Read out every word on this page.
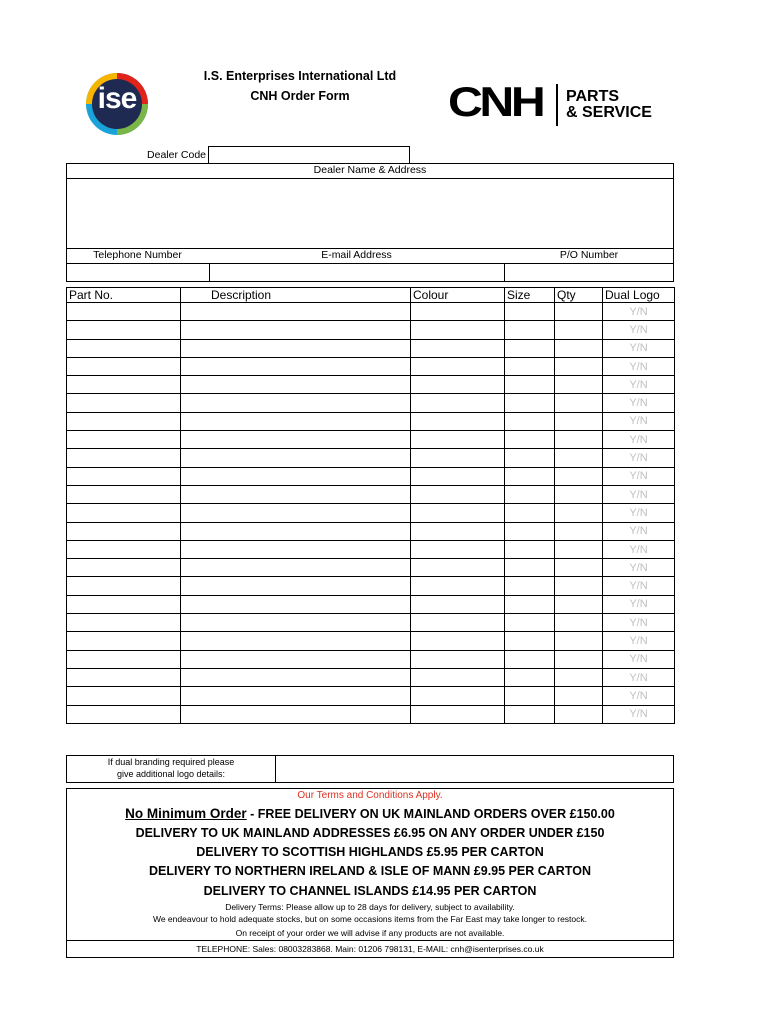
ise
I.S. Enterprises International Ltd
CNH Order Form	CNH PARTS
& SERVICE
Dealer Code
Dealer Name & Address
Telephone Number	E-mail Address	P/O Number
Part No.	Description	Colour	Size	Qty	Dual Logo
					Y/N
					Y/N
					Y/N
					Y/N
					Y/N
					Y/N
					Y/N
					Y/N
					Y/N
					Y/N
					Y/N
					Y/N
					Y/N
					Y/N
					Y/N
					Y/N
					Y/N
					Y/N
					Y/N
					Y/N
					Y/N
					Y/N
					Y/N
If dual branding required please
give additional logo details:
Our Terms and Conditions Apply.
No Minimum Order - FREE DELIVERY ON UK MAINLAND ORDERS OVER £150.00
DELIVERY TO UK MAINLAND ADDRESSES £6.95 ON ANY ORDER UNDER £150
DELIVERY TO SCOTTISH HIGHLANDS £5.95 PER CARTON
DELIVERY TO NORTHERN IRELAND & ISLE OF MANN £9.95 PER CARTON
DELIVERY TO CHANNEL ISLANDS £14.95 PER CARTON
Delivery Terms: Please allow up to 28 days for delivery, subject to availability.
We endeavour to hold adequate stocks, but on some occasions items from the Far East may take longer to restock.
On receipt of your order we will advise if any products are not available.
TELEPHONE: Sales: 08003283868. Main: 01206 798131, E-MAIL: cnh@isenterprises.co.uk
